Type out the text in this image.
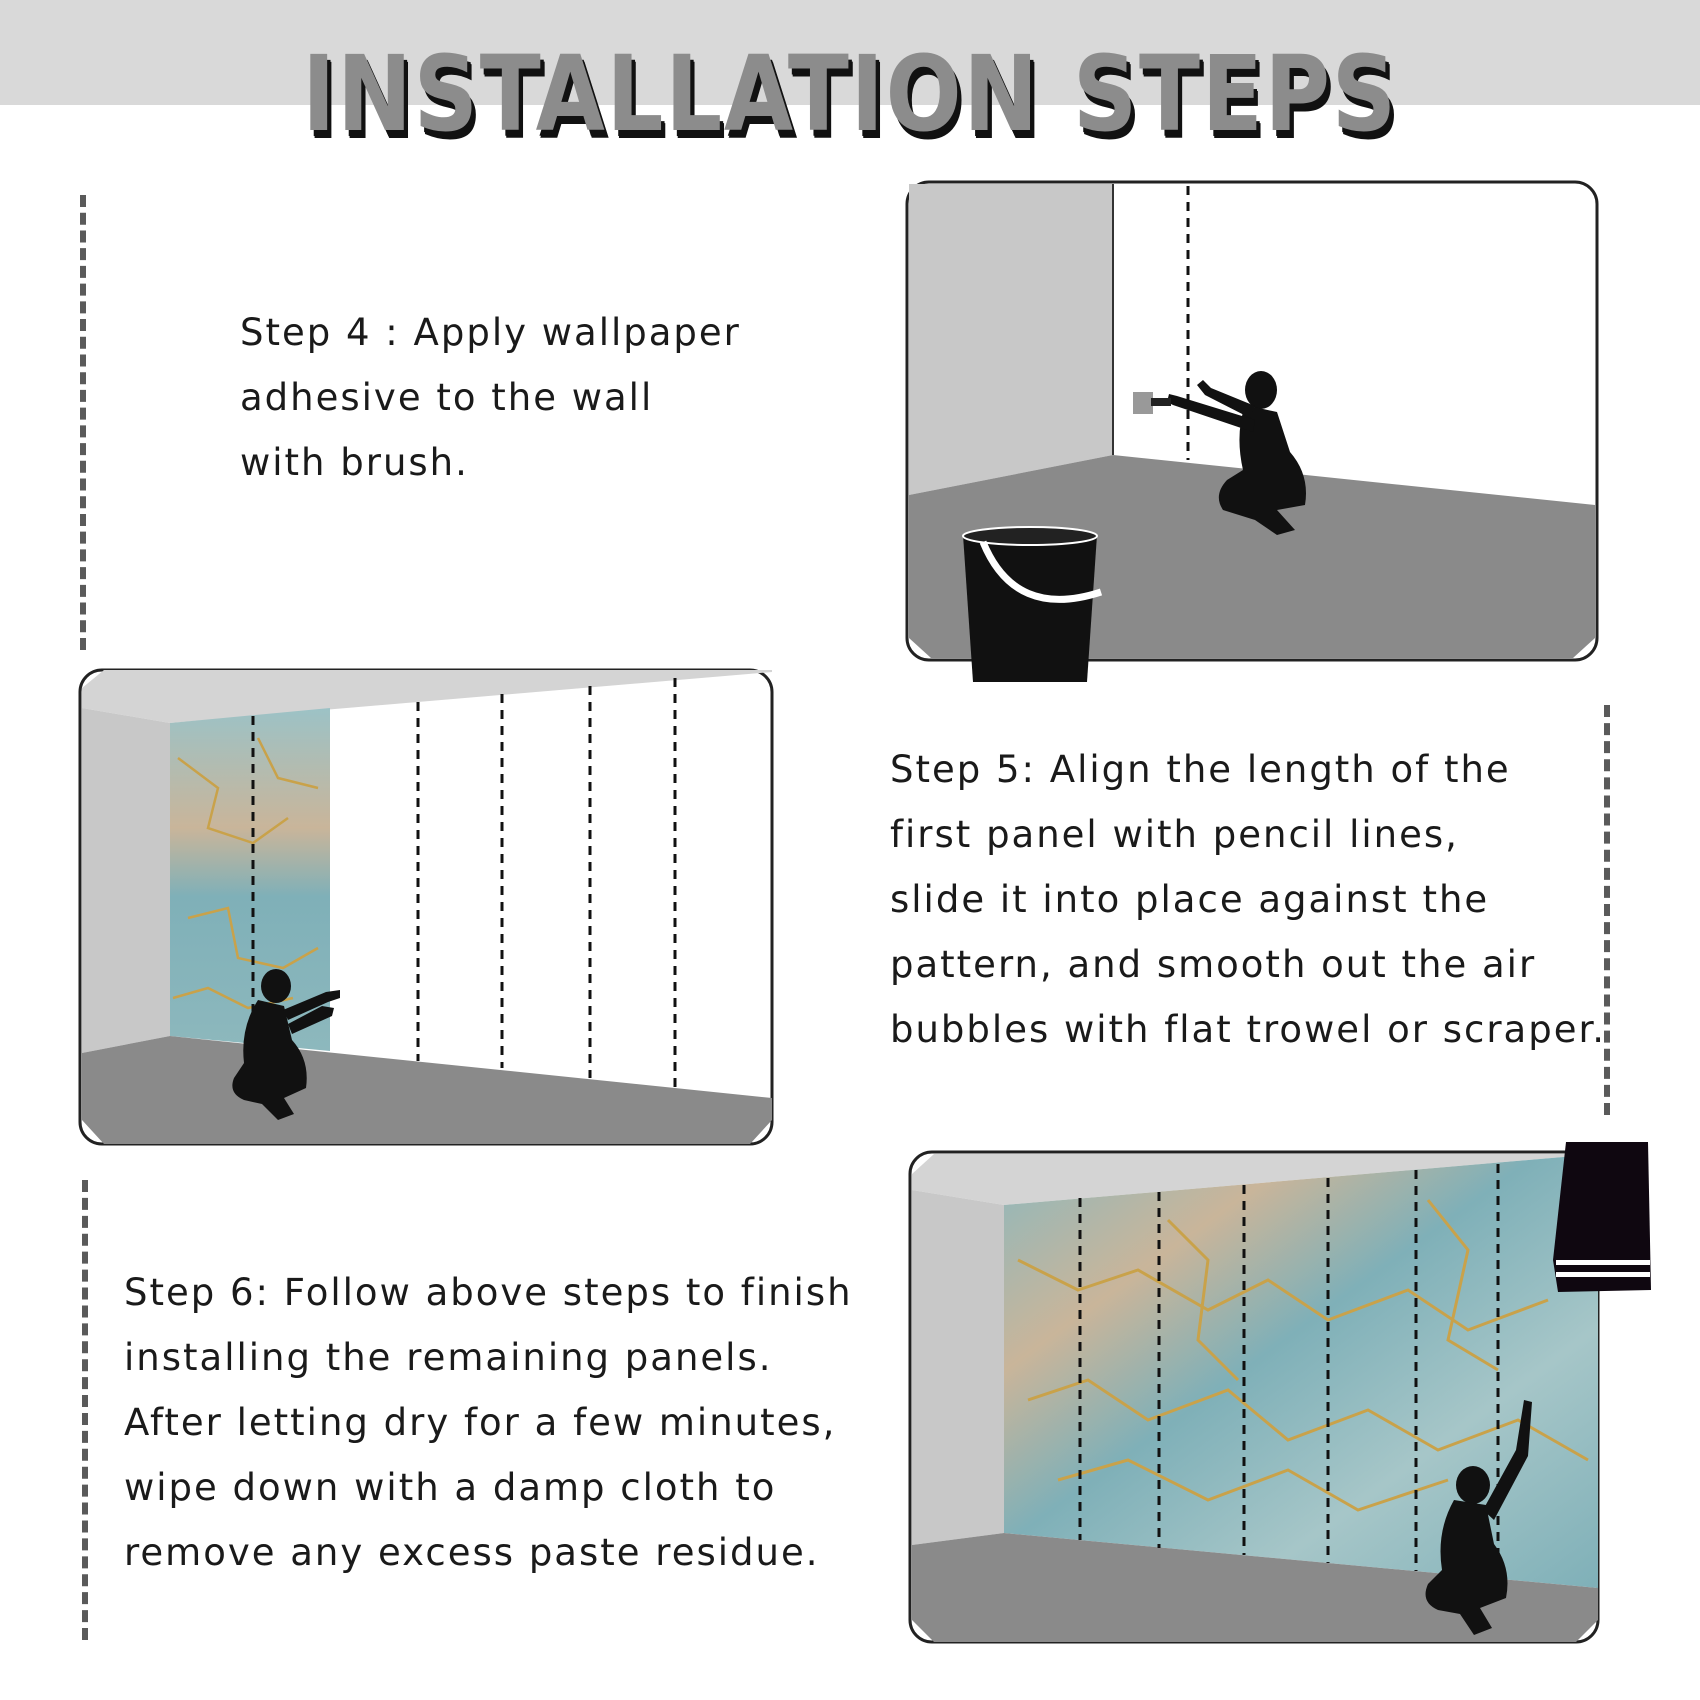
INSTALLATION STEPS
Step 4 : Apply wallpaper
adhesive to the wall
with brush.
Step 5: Align the length of the
first panel with pencil lines,
slide it into place against the
pattern, and smooth out the air
bubbles with flat trowel or scraper.
Step 6: Follow above steps to finish
installing the remaining panels.
After letting dry for a few minutes,
wipe down with a damp cloth to
remove any excess paste residue.
